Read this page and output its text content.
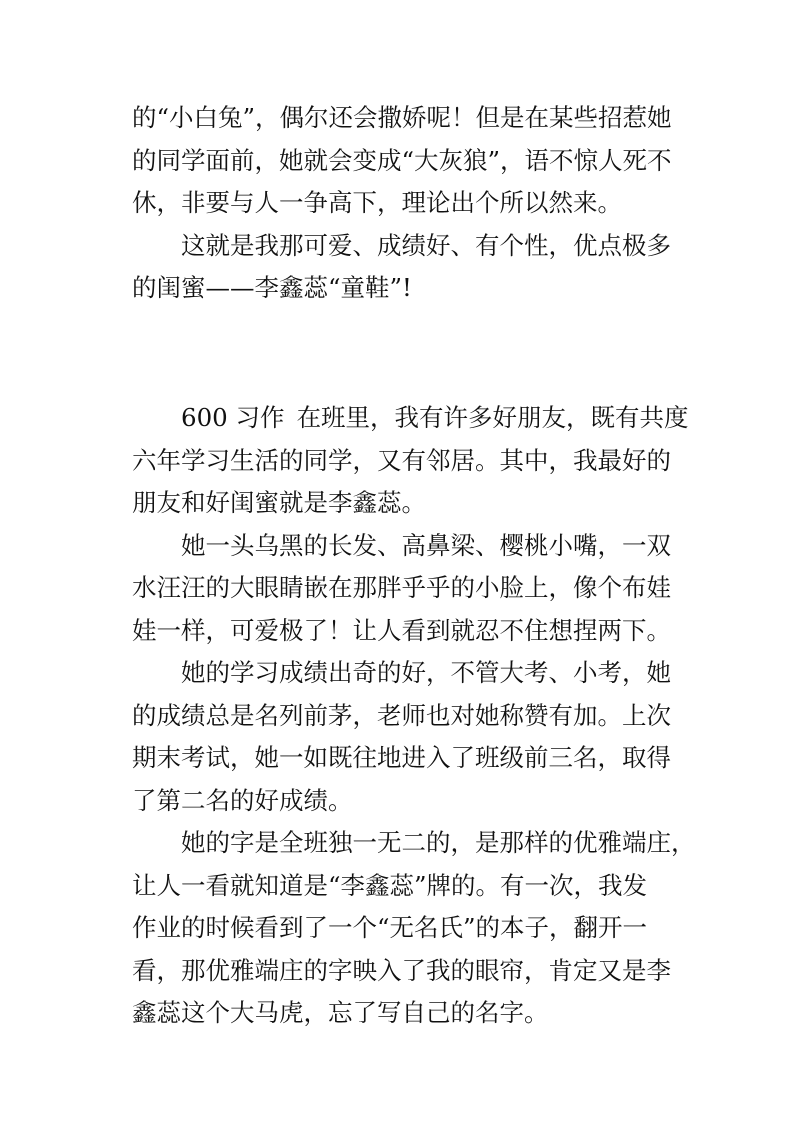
的“小白兔”，偶尔还会撒娇呢！但是在某些招惹她
的同学面前，她就会变成“大灰狼”，语不惊人死不
休，非要与人一争高下，理论出个所以然来。
这就是我那可爱、成绩好、有个性，优点极多
的闺蜜——李鑫蕊“童鞋”!
600 习作 在班里，我有许多好朋友，既有共度
六年学习生活的同学，又有邻居。其中，我最好的
朋友和好闺蜜就是李鑫蕊。
她一头乌黑的长发、高鼻梁、樱桃小嘴，一双
水汪汪的大眼睛嵌在那胖乎乎的小脸上，像个布娃
娃一样，可爱极了！让人看到就忍不住想捏两下。
她的学习成绩出奇的好，不管大考、小考，她
的成绩总是名列前茅，老师也对她称赞有加。上次
期末考试，她一如既往地进入了班级前三名，取得
了第二名的好成绩。
她的字是全班独一无二的，是那样的优雅端庄，
让人一看就知道是“李鑫蕊”牌的。有一次，我发
作业的时候看到了一个“无名氏”的本子，翻开一
看，那优雅端庄的字映入了我的眼帘，肯定又是李
鑫蕊这个大马虎，忘了写自己的名字。
